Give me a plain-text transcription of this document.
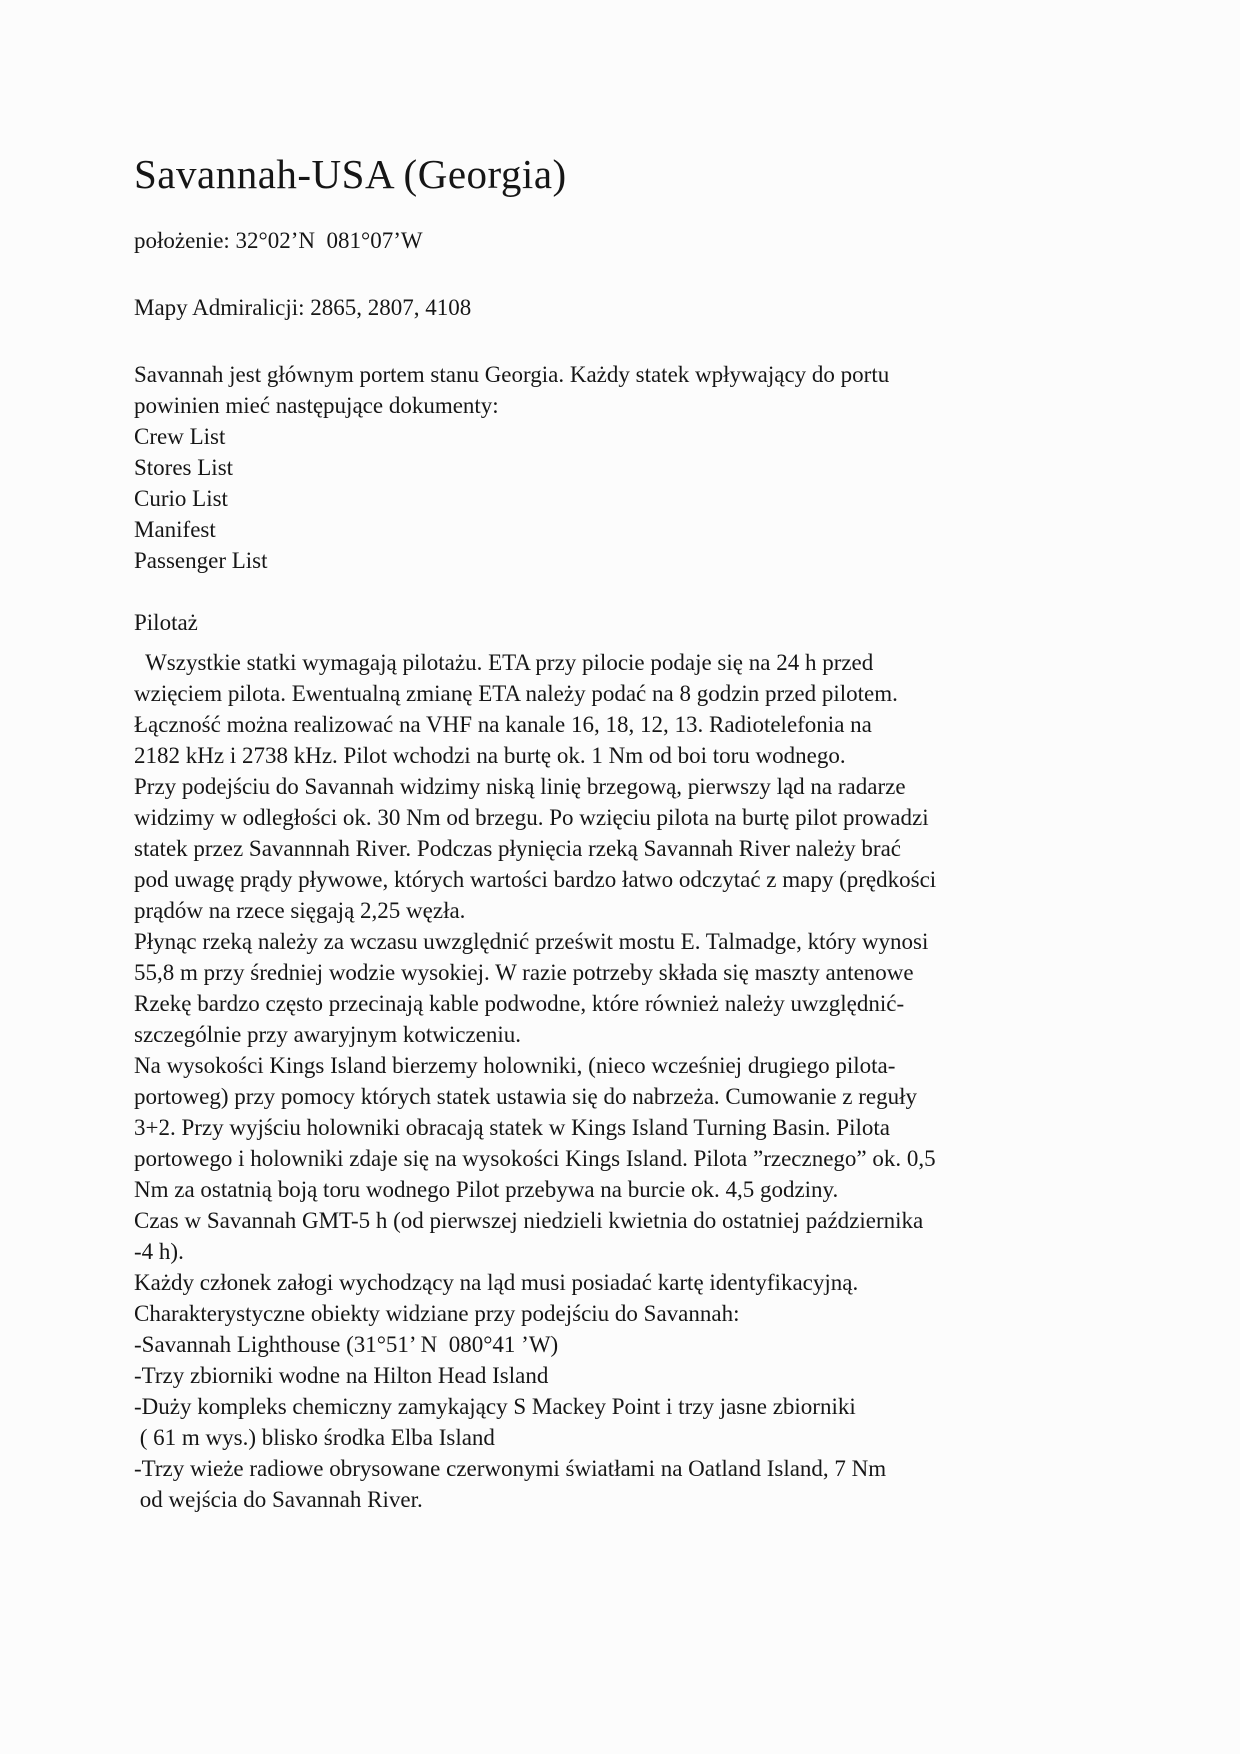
Savannah-USA (Georgia)

położenie: 32°02’N  081°07’W

Mapy Admiralicji: 2865, 2807, 4108

Savannah jest głównym portem stanu Georgia. Każdy statek wpływający do portu
powinien mieć następujące dokumenty:
Crew List
Stores List
Curio List
Manifest
Passenger List
Pilotaż
Wszystkie statki wymagają pilotażu. ETA przy pilocie podaje się na 24 h przed
wzięciem pilota. Ewentualną zmianę ETA należy podać na 8 godzin przed pilotem.
Łączność można realizować na VHF na kanale 16, 18, 12, 13. Radiotelefonia na
2182 kHz i 2738 kHz. Pilot wchodzi na burtę ok. 1 Nm od boi toru wodnego.
Przy podejściu do Savannah widzimy niską linię brzegową, pierwszy ląd na radarze
widzimy w odległości ok. 30 Nm od brzegu. Po wzięciu pilota na burtę pilot prowadzi
statek przez Savannnah River. Podczas płynięcia rzeką Savannah River należy brać
pod uwagę prądy pływowe, których wartości bardzo łatwo odczytać z mapy (prędkości
prądów na rzece sięgają 2,25 węzła.
Płynąc rzeką należy za wczasu uwzględnić prześwit mostu E. Talmadge, który wynosi
55,8 m przy średniej wodzie wysokiej. W razie potrzeby składa się maszty antenowe
Rzekę bardzo często przecinają kable podwodne, które również należy uwzględnić-
szczególnie przy awaryjnym kotwiczeniu.
Na wysokości Kings Island bierzemy holowniki, (nieco wcześniej drugiego pilota-
portoweg) przy pomocy których statek ustawia się do nabrzeża. Cumowanie z reguły
3+2. Przy wyjściu holowniki obracają statek w Kings Island Turning Basin. Pilota
portowego i holowniki zdaje się na wysokości Kings Island. Pilota ”rzecznego” ok. 0,5
Nm za ostatnią boją toru wodnego Pilot przebywa na burcie ok. 4,5 godziny.
Czas w Savannah GMT-5 h (od pierwszej niedzieli kwietnia do ostatniej października
-4 h).
Każdy członek załogi wychodzący na ląd musi posiadać kartę identyfikacyjną.
Charakterystyczne obiekty widziane przy podejściu do Savannah:
-Savannah Lighthouse (31°51’ N  080°41 ’W)
-Trzy zbiorniki wodne na Hilton Head Island
-Duży kompleks chemiczny zamykający S Mackey Point i trzy jasne zbiorniki
( 61 m wys.) blisko środka Elba Island
-Trzy wieże radiowe obrysowane czerwonymi światłami na Oatland Island, 7 Nm
od wejścia do Savannah River.
